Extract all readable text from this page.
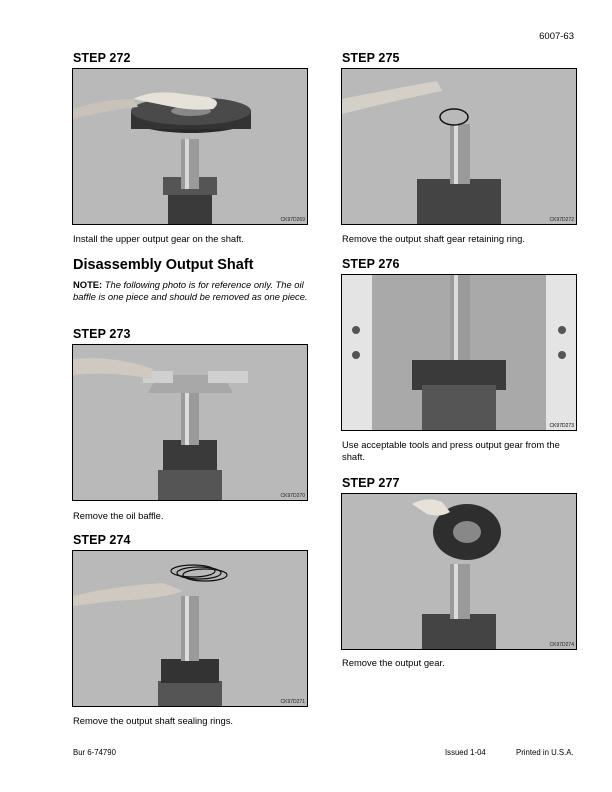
6007-63
STEP 272
CK97D269
Install the upper output gear on the shaft.
Disassembly Output Shaft
NOTE: The following photo is for reference only. The oil baffle is one piece and should be removed as one piece.
STEP 273
CK97D270
Remove the oil baffle.
STEP 274
CK97D271
Remove the output shaft sealing rings.
STEP 275
CK97D272
Remove the output shaft gear retaining ring.
STEP 276
CK97D273
Use acceptable tools and press output gear from the shaft.
STEP 277
CK97D274
Remove the output gear.
Bur 6-74790	Issued 1-04	Printed in U.S.A.
